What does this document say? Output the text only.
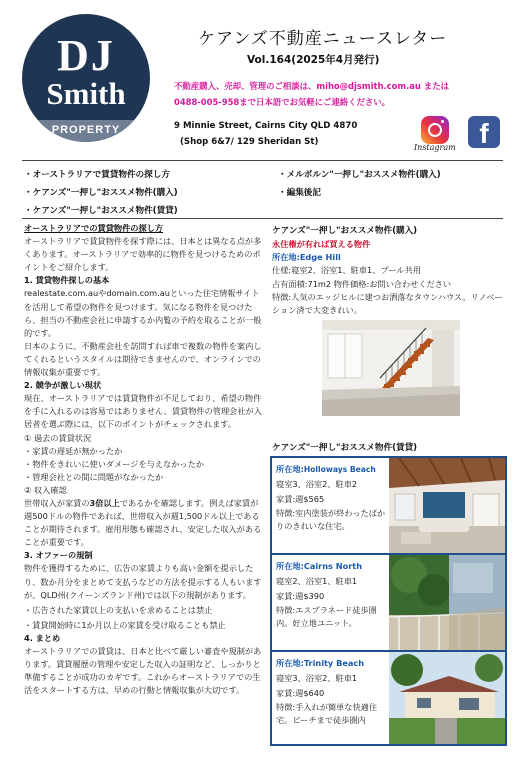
DJ
Smith
PROPERTY
ケアンズ不動産ニュースレター
Vol.164(2025年4月発行)
不動産購入、売却、管理のご相談は、miho@djsmith.com.au または
0488-005-958まで日本語でお気軽にご連絡ください。
9 Minnie Street, Cairns City QLD 4870
(Shop 6&7/ 129 Sheridan St)
Instagram f
・オーストラリアで賃貸物件の探し方
・ケアンズ"一押し"おススメ物件(購入)
・ケアンズ"一押し"おススメ物件(賃貸)
・メルボルン"一押し"おススメ物件(購入)
・編集後記

オーストラリアでの賃貸物件の探し方

オーストラリアで賃貸物件を探す際には、日本とは異なる点が多くあります。オーストラリアで効率的に物件を見つけるためのポイントをご紹介します。

1. 賃貸物件探しの基本

realestate.com.auやdomain.com.auといった住宅情報サイトを活用して希望の物件を見つけます。気になる物件を見つけたら、担当の不動産会社に申請するか内覧の予約を取ることが一般的です。

日本のように、不動産会社を訪問すれば車で複数の物件を案内してくれるというスタイルは期待できませんので、オンラインでの情報収集が重要です。

2. 競争が激しい現状

現在、オーストラリアでは賃貸物件が不足しており、希望の物件を手に入れるのは容易ではありません。賃貸物件の管理会社が入居者を選ぶ際には、以下のポイントがチェックされます。

① 過去の賃貸状況

・家賃の遅延が無かったか

・物件をきれいに使いダメージを与えなかったか

・管理会社との間に問題がなかったか

② 収入確認

世帯収入が家賃の3倍以上であるかを確認します。例えば家賃が週500ドルの物件であれば、世帯収入が週1,500ドル以上であることが期待されます。雇用形態も確認され、安定した収入があることが重要です。

3. オファーの規制

物件を獲得するために、広告の家賃よりも高い金額を提示したり、数か月分をまとめて支払うなどの方法を提示する人もいますが、QLD州(クイーンズランド州)では以下の規制があります。

・広告された家賃以上の支払いを求めることは禁止

・賃貸開始時に1か月以上の家賃を受け取ることも禁止

4. まとめ

オーストラリアでの賃貸は、日本と比べて厳しい審査や規制があります。賃貸履歴の管理や安定した収入の証明など、しっかりと準備することが成功のカギです。これからオーストラリアでの生活をスタートする方は、早めの行動と情報収集が大切です。

ケアンズ"一押し"おススメ物件(購入)
永住権が有れば買える物件
所在地:Edge Hill
仕様:寝室2、浴室1、駐車1、プール共用
占有面積:71m2 物件価格:お問い合わせください
特徴:人気のエッジヒルに建つお洒落なタウンハウス。リノベーション済で大変きれい。
ケアンズ"一押し"おススメ物件(賃貸)
所在地:Holloways Beach
寝室3、浴室2、駐車2
家賃:週$565
特徴:室内塗装が終わったばかりのきれいな住宅。
所在地:Cairns North
寝室2、浴室1、駐車1
家賃:週$390
特徴:エスプラネード徒歩圏内。好立地ユニット。
所在地:Trinity Beach
寝室3、浴室2、駐車1
家賃:週$640
特徴:手入れが簡単な快適住宅。ビーチまで徒歩圏内
